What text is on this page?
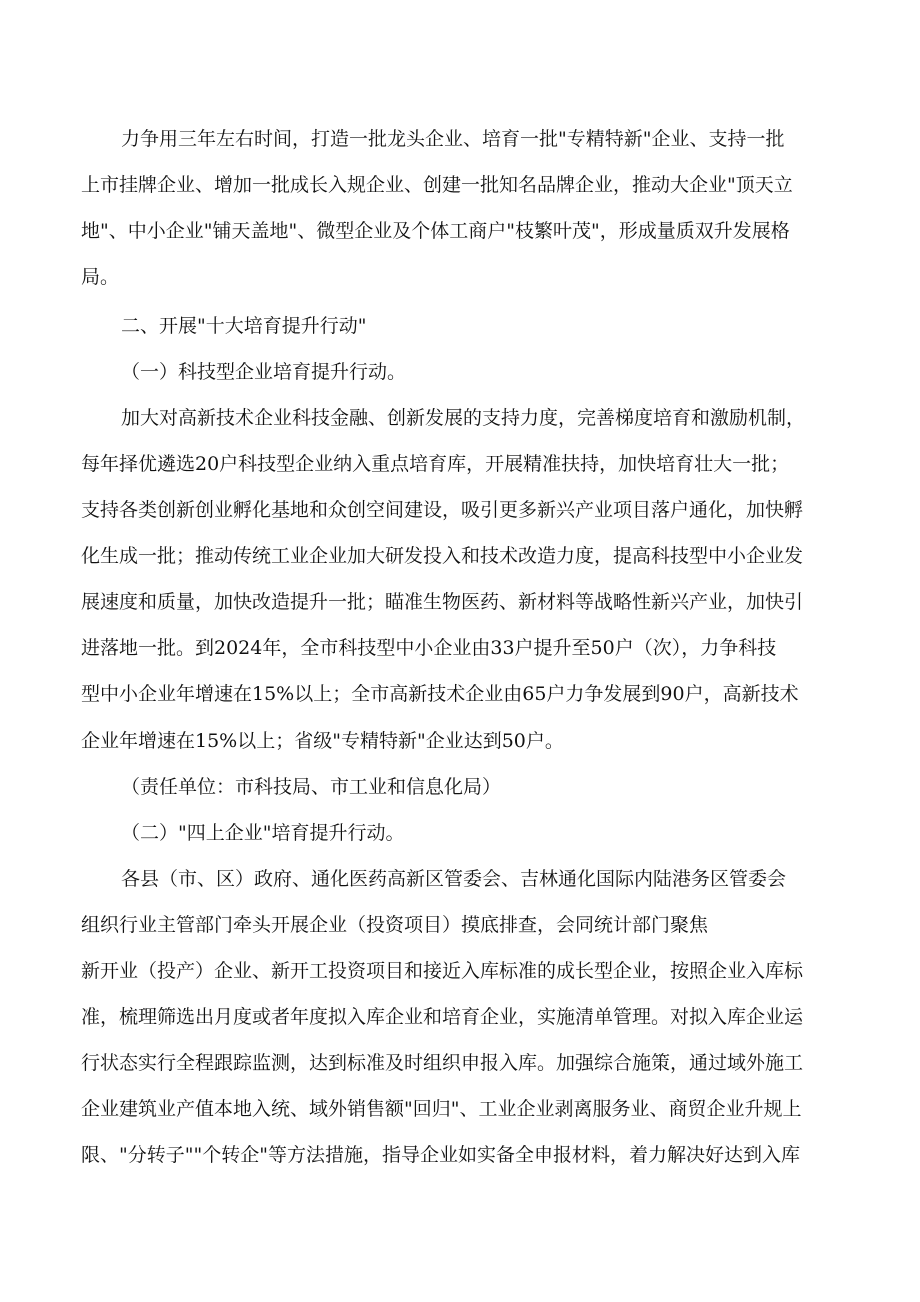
力争用三年左右时间，打造一批龙头企业、培育一批"专精特新"企业、支持一批
上市挂牌企业、增加一批成长入规企业、创建一批知名品牌企业，推动大企业"顶天立
地"、中小企业"铺天盖地"、微型企业及个体工商户"枝繁叶茂"，形成量质双升发展格
局。
二、开展"十大培育提升行动"
（一）科技型企业培育提升行动。
加大对高新技术企业科技金融、创新发展的支持力度，完善梯度培育和激励机制，
每年择优遴选20户科技型企业纳入重点培育库，开展精准扶持，加快培育壮大一批；
支持各类创新创业孵化基地和众创空间建设，吸引更多新兴产业项目落户通化，加快孵
化生成一批；推动传统工业企业加大研发投入和技术改造力度，提高科技型中小企业发
展速度和质量，加快改造提升一批；瞄准生物医药、新材料等战略性新兴产业，加快引
进落地一批。到2024年，全市科技型中小企业由33户提升至50户（次），力争科技
型中小企业年增速在15%以上；全市高新技术企业由65户力争发展到90户，高新技术
企业年增速在15%以上；省级"专精特新"企业达到50户。
（责任单位：市科技局、市工业和信息化局）
（二）"四上企业"培育提升行动。
各县（市、区）政府、通化医药高新区管委会、吉林通化国际内陆港务区管委会
组织行业主管部门牵头开展企业（投资项目）摸底排查，会同统计部门聚焦
新开业（投产）企业、新开工投资项目和接近入库标准的成长型企业，按照企业入库标
准，梳理筛选出月度或者年度拟入库企业和培育企业，实施清单管理。对拟入库企业运
行状态实行全程跟踪监测，达到标准及时组织申报入库。加强综合施策，通过域外施工
企业建筑业产值本地入统、域外销售额"回归"、工业企业剥离服务业、商贸企业升规上
限、"分转子""个转企"等方法措施，指导企业如实备全申报材料，着力解决好达到入库
